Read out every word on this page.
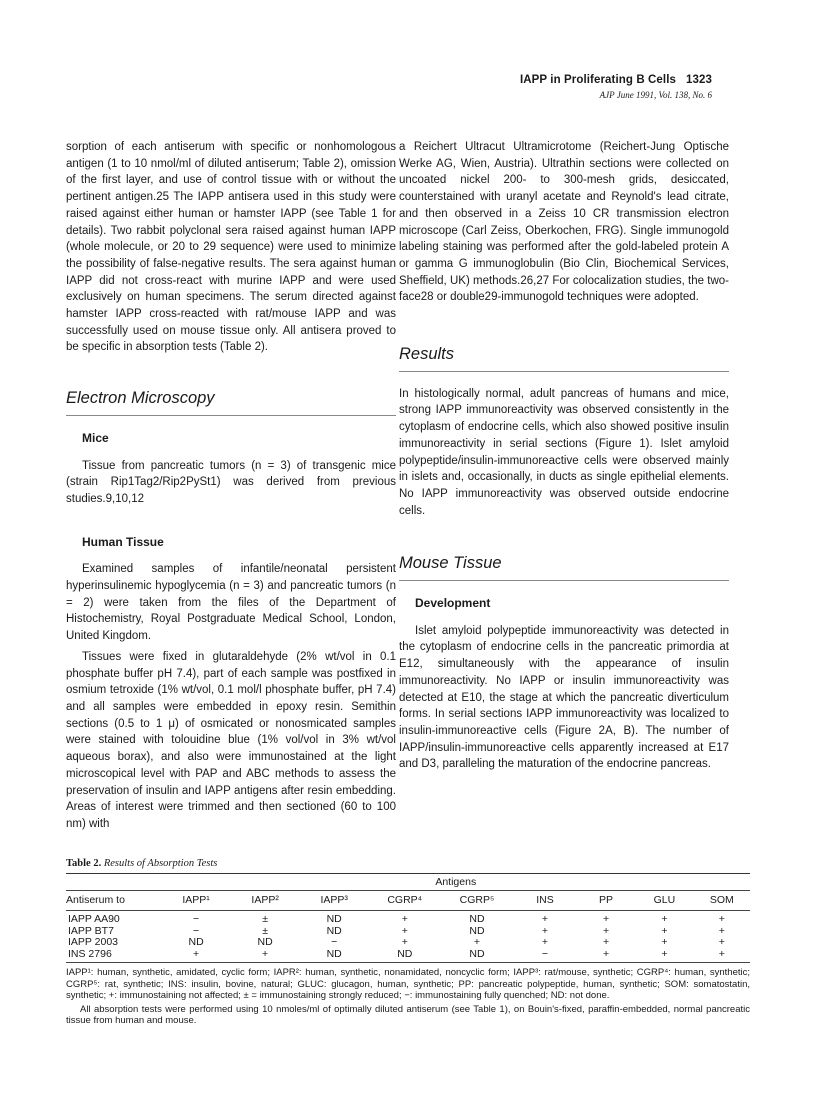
IAPP in Proliferating B Cells 1323
AJP June 1991, Vol. 138, No. 6

sorption of each antiserum with specific or nonhomologous antigen (1 to 10 nmol/ml of diluted antiserum; Table 2), omission of the first layer, and use of control tissue with or without the pertinent antigen.25 The IAPP antisera used in this study were raised against either human or hamster IAPP (see Table 1 for details). Two rabbit polyclonal sera raised against human IAPP (whole molecule, or 20 to 29 sequence) were used to minimize the possibility of false-negative results. The sera against human IAPP did not cross-react with murine IAPP and were used exclusively on human specimens. The serum directed against hamster IAPP cross-reacted with rat/mouse IAPP and was successfully used on mouse tissue only. All antisera proved to be specific in absorption tests (Table 2).

Electron Microscopy
Mice

Tissue from pancreatic tumors (n = 3) of transgenic mice (strain Rip1Tag2/Rip2PySt1) was derived from previous studies.9,10,12

Human Tissue

Examined samples of infantile/neonatal persistent hyperinsulinemic hypoglycemia (n = 3) and pancreatic tumors (n = 2) were taken from the files of the Department of Histochemistry, Royal Postgraduate Medical School, London, United Kingdom.

Tissues were fixed in glutaraldehyde (2% wt/vol in 0.1 phosphate buffer pH 7.4), part of each sample was postfixed in osmium tetroxide (1% wt/vol, 0.1 mol/l phosphate buffer, pH 7.4) and all samples were embedded in epoxy resin. Semithin sections (0.5 to 1 μ) of osmicated or nonosmicated samples were stained with tolouidine blue (1% vol/vol in 3% wt/vol aqueous borax), and also were immunostained at the light microscopical level with PAP and ABC methods to assess the preservation of insulin and IAPP antigens after resin embedding. Areas of interest were trimmed and then sectioned (60 to 100 nm) with

a Reichert Ultracut Ultramicrotome (Reichert-Jung Optische Werke AG, Wien, Austria). Ultrathin sections were collected on uncoated nickel 200- to 300-mesh grids, desiccated, counterstained with uranyl acetate and Reynold's lead citrate, and then observed in a Zeiss 10 CR transmission electron microscope (Carl Zeiss, Oberkochen, FRG). Single immunogold labeling staining was performed after the gold-labeled protein A or gamma G immunoglobulin (Bio Clin, Biochemical Services, Sheffield, UK) methods.26,27 For colocalization studies, the two-face28 or double29-immunogold techniques were adopted.

Results

In histologically normal, adult pancreas of humans and mice, strong IAPP immunoreactivity was observed consistently in the cytoplasm of endocrine cells, which also showed positive insulin immunoreactivity in serial sections (Figure 1). Islet amyloid polypeptide/insulin-immunoreactive cells were observed mainly in islets and, occasionally, in ducts as single epithelial elements. No IAPP immunoreactivity was observed outside endocrine cells.

Mouse Tissue
Development

Islet amyloid polypeptide immunoreactivity was detected in the cytoplasm of endocrine cells in the pancreatic primordia at E12, simultaneously with the appearance of insulin immunoreactivity. No IAPP or insulin immunoreactivity was detected at E10, the stage at which the pancreatic diverticulum forms. In serial sections IAPP immunoreactivity was localized to insulin-immunoreactive cells (Figure 2A, B). The number of IAPP/insulin-immunoreactive cells apparently increased at E17 and D3, paralleling the maturation of the endocrine pancreas.

Table 2. Results of Absorption Tests

	Antigens								
Antiserum to	IAPP¹	IAPP²	IAPP³	CGRP⁴	CGRP⁵	INS	PP	GLU	SOM
IAPP AA90	−	±	ND	+	ND	+	+	+	+
IAPP BT7	−	±	ND	+	ND	+	+	+	+
IAPP 2003	ND	ND	−	+	+	+	+	+	+
INS 2796	+	+	ND	ND	ND	−	+	+	+

IAPP¹: human, synthetic, amidated, cyclic form; IAPR²: human, synthetic, nonamidated, noncyclic form; IAPP³: rat/mouse, synthetic; CGRP⁴: human, synthetic; CGRP⁵: rat, synthetic; INS: insulin, bovine, natural; GLUC: glucagon, human, synthetic; PP: pancreatic polypeptide, human, synthetic; SOM: somatostatin, synthetic; +: immunostaining not affected; ± = immunostaining strongly reduced; −: immunostaining fully quenched; ND: not done.

All absorption tests were performed using 10 nmoles/ml of optimally diluted antiserum (see Table 1), on Bouin's-fixed, paraffin-embedded, normal pancreatic tissue from human and mouse.
